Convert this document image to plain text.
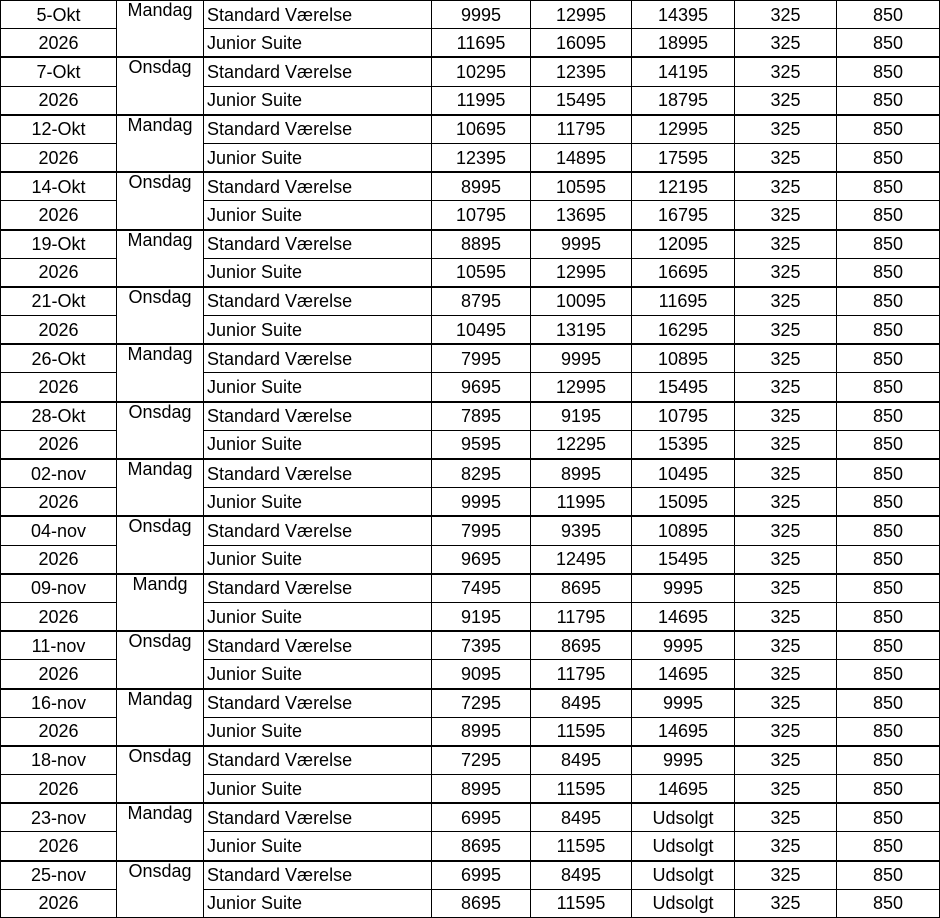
5-Okt	Mandag	Standard Værelse	9995	12995	14395	325	850
2026		Junior Suite	11695	16095	18995	325	850
7-Okt	Onsdag	Standard Værelse	10295	12395	14195	325	850
2026		Junior Suite	11995	15495	18795	325	850
12-Okt	Mandag	Standard Værelse	10695	11795	12995	325	850
2026		Junior Suite	12395	14895	17595	325	850
14-Okt	Onsdag	Standard Værelse	8995	10595	12195	325	850
2026		Junior Suite	10795	13695	16795	325	850
19-Okt	Mandag	Standard Værelse	8895	9995	12095	325	850
2026		Junior Suite	10595	12995	16695	325	850
21-Okt	Onsdag	Standard Værelse	8795	10095	11695	325	850
2026		Junior Suite	10495	13195	16295	325	850
26-Okt	Mandag	Standard Værelse	7995	9995	10895	325	850
2026		Junior Suite	9695	12995	15495	325	850
28-Okt	Onsdag	Standard Værelse	7895	9195	10795	325	850
2026		Junior Suite	9595	12295	15395	325	850
02-nov	Mandag	Standard Værelse	8295	8995	10495	325	850
2026		Junior Suite	9995	11995	15095	325	850
04-nov	Onsdag	Standard Værelse	7995	9395	10895	325	850
2026		Junior Suite	9695	12495	15495	325	850
09-nov	Mandg	Standard Værelse	7495	8695	9995	325	850
2026		Junior Suite	9195	11795	14695	325	850
11-nov	Onsdag	Standard Værelse	7395	8695	9995	325	850
2026		Junior Suite	9095	11795	14695	325	850
16-nov	Mandag	Standard Værelse	7295	8495	9995	325	850
2026		Junior Suite	8995	11595	14695	325	850
18-nov	Onsdag	Standard Værelse	7295	8495	9995	325	850
2026		Junior Suite	8995	11595	14695	325	850
23-nov	Mandag	Standard Værelse	6995	8495	Udsolgt	325	850
2026		Junior Suite	8695	11595	Udsolgt	325	850
25-nov	Onsdag	Standard Værelse	6995	8495	Udsolgt	325	850
2026		Junior Suite	8695	11595	Udsolgt	325	850
